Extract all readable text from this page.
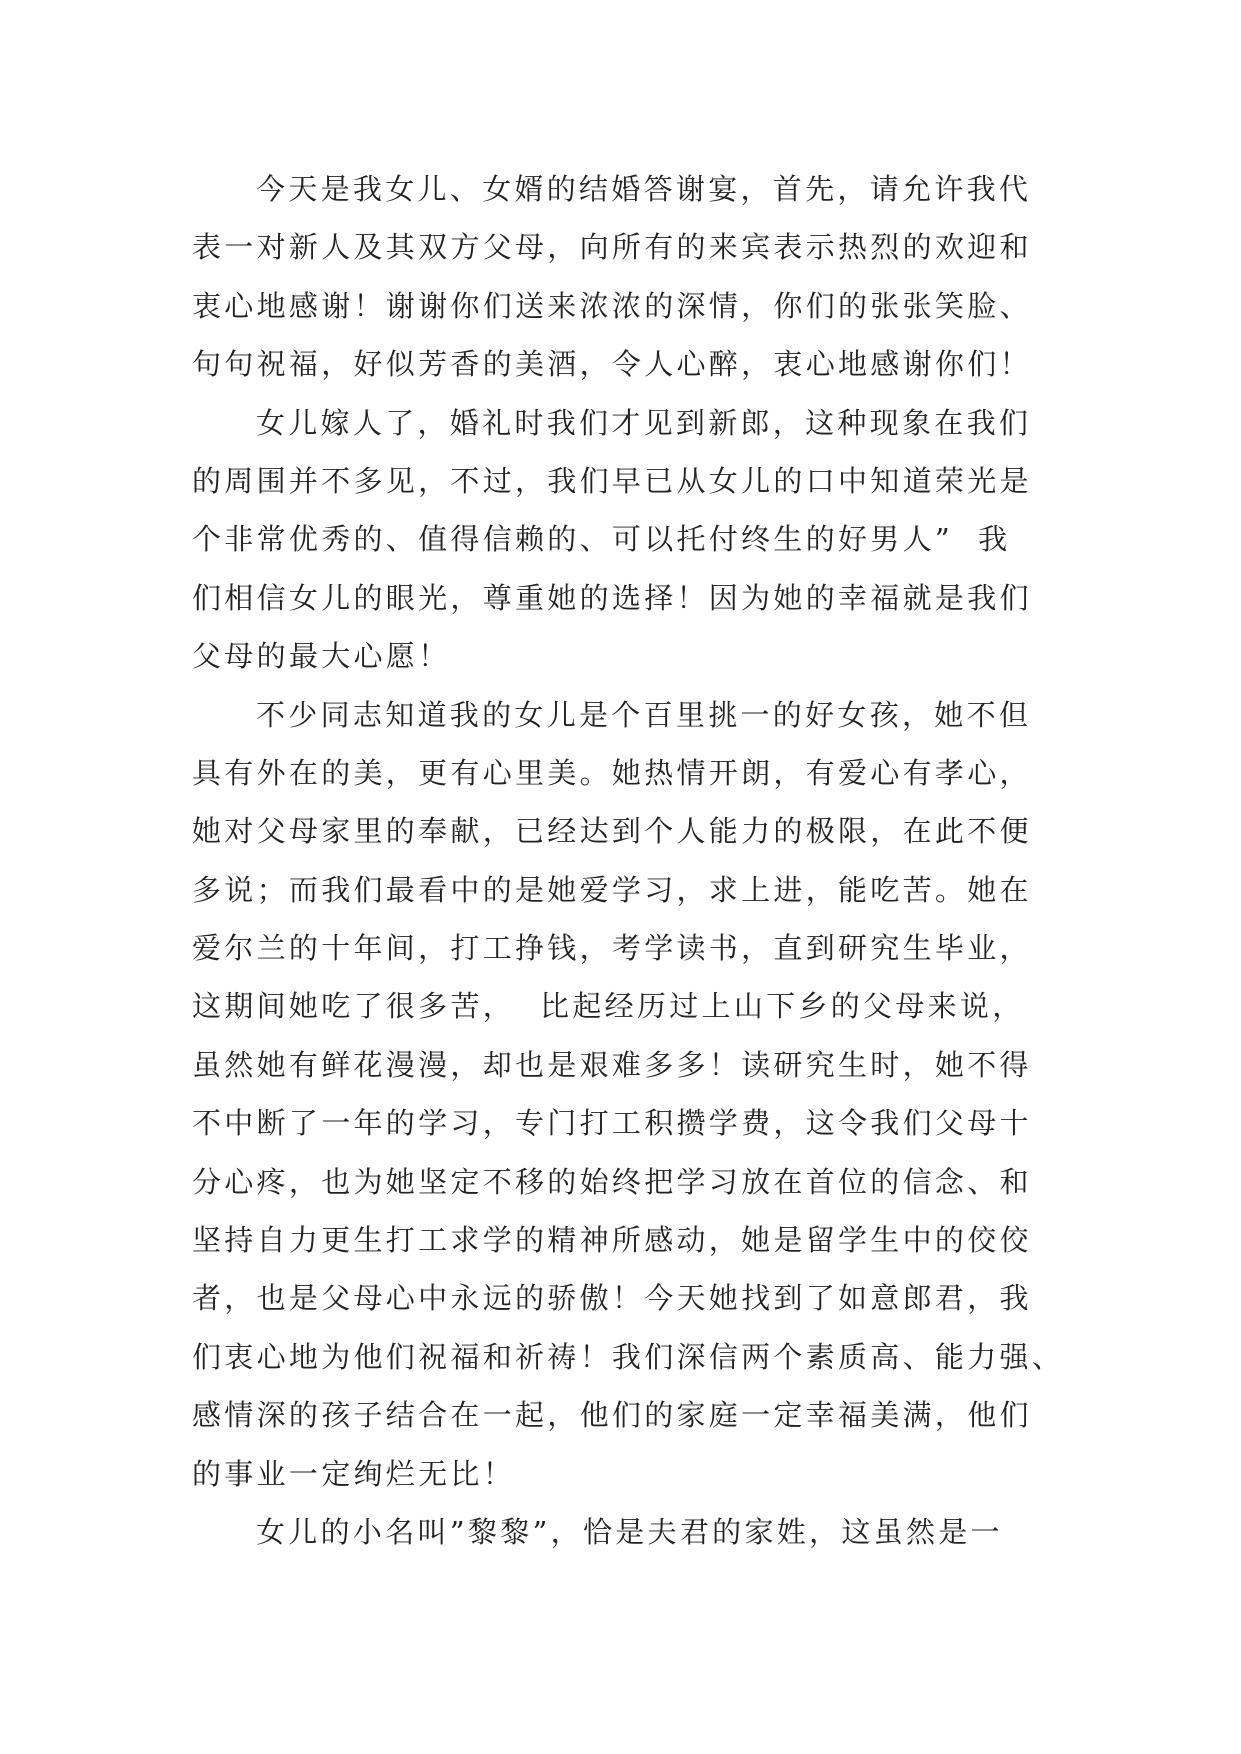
今天是我女儿、女婿的结婚答谢宴，首先，请允许我代
表一对新人及其双方父母，向所有的来宾表示热烈的欢迎和
衷心地感谢！谢谢你们送来浓浓的深情，你们的张张笑脸、
句句祝福，好似芳香的美酒，令人心醉，衷心地感谢你们！
女儿嫁人了，婚礼时我们才见到新郎，这种现象在我们
的周围并不多见，不过，我们早已从女儿的口中知道荣光是
个非常优秀的、值得信赖的、可以托付终生的好男人”  我
们相信女儿的眼光，尊重她的选择！因为她的幸福就是我们
父母的最大心愿！
不少同志知道我的女儿是个百里挑一的好女孩，她不但
具有外在的美，更有心里美。她热情开朗，有爱心有孝心，
她对父母家里的奉献，已经达到个人能力的极限，在此不便
多说；而我们最看中的是她爱学习，求上进，能吃苦。她在
爱尔兰的十年间，打工挣钱，考学读书，直到研究生毕业，
这期间她吃了很多苦，  比起经历过上山下乡的父母来说，
虽然她有鲜花漫漫，却也是艰难多多！读研究生时，她不得
不中断了一年的学习，专门打工积攒学费，这令我们父母十
分心疼，也为她坚定不移的始终把学习放在首位的信念、和
坚持自力更生打工求学的精神所感动，她是留学生中的佼佼
者，也是父母心中永远的骄傲！今天她找到了如意郎君，我
们衷心地为他们祝福和祈祷！我们深信两个素质高、能力强、
感情深的孩子结合在一起，他们的家庭一定幸福美满，他们
的事业一定绚烂无比！
女儿的小名叫”黎黎”，恰是夫君的家姓，这虽然是一
